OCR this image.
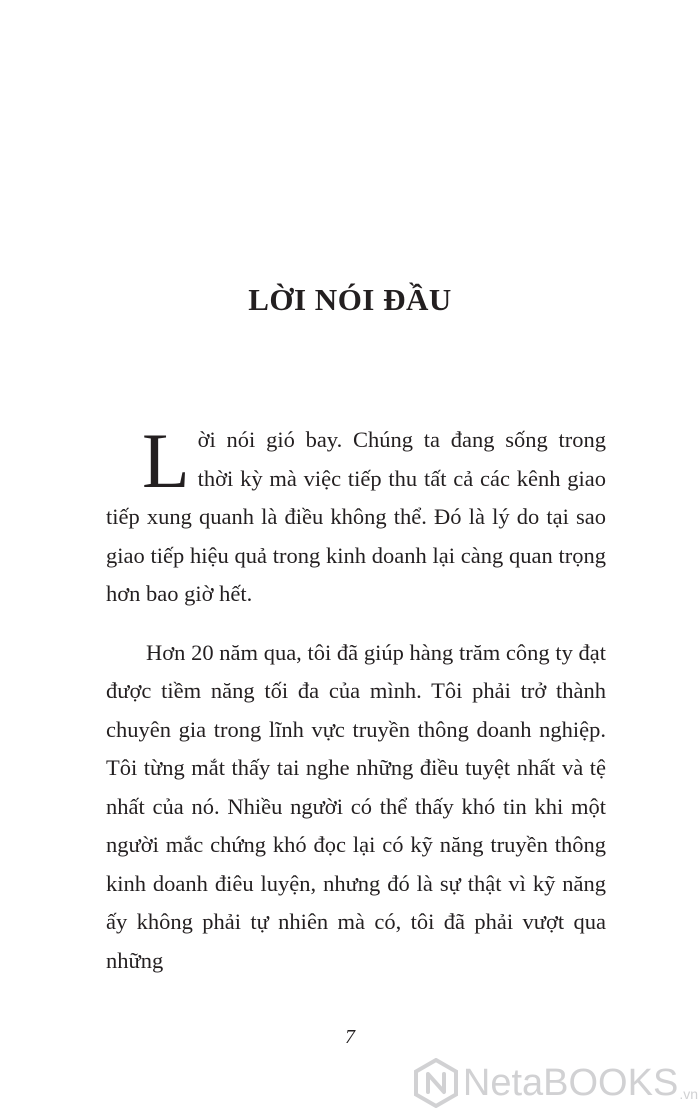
LỜI NÓI ĐẦU

Lời nói gió bay. Chúng ta đang sống trong thời kỳ mà việc tiếp thu tất cả các kênh giao tiếp xung quanh là điều không thể. Đó là lý do tại sao giao tiếp hiệu quả trong kinh doanh lại càng quan trọng hơn bao giờ hết.

Hơn 20 năm qua, tôi đã giúp hàng trăm công ty đạt được tiềm năng tối đa của mình. Tôi phải trở thành chuyên gia trong lĩnh vực truyền thông doanh nghiệp. Tôi từng mắt thấy tai nghe những điều tuyệt nhất và tệ nhất của nó. Nhiều người có thể thấy khó tin khi một người mắc chứng khó đọc lại có kỹ năng truyền thông kinh doanh điêu luyện, nhưng đó là sự thật vì kỹ năng ấy không phải tự nhiên mà có, tôi đã phải vượt qua những

7
NetaBOOKS .vn
